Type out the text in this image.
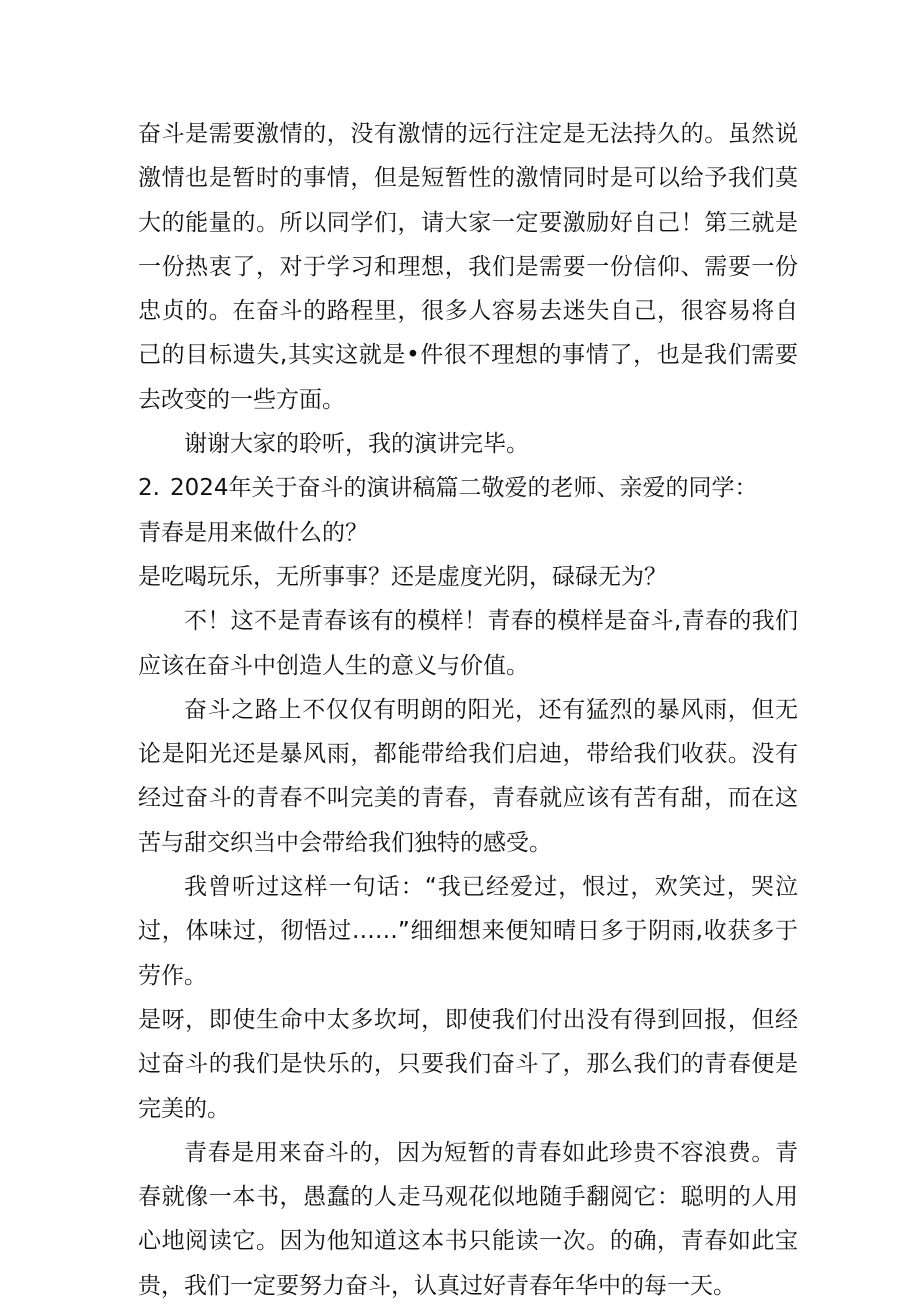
奋斗是需要激情的，没有激情的远行注定是无法持久的。虽然说激情也是暂时的事情，但是短暂性的激情同时是可以给予我们莫大的能量的。所以同学们，请大家一定要激励好自己！第三就是一份热衷了，对于学习和理想，我们是需要一份信仰、需要一份忠贞的。在奋斗的路程里，很多人容易去迷失自己，很容易将自己的目标遗失,其实这就是•件很不理想的事情了，也是我们需要去改变的一些方面。

谢谢大家的聆听，我的演讲完毕。

2. 2024年关于奋斗的演讲稿篇二敬爱的老师、亲爱的同学：

青春是用来做什么的？

是吃喝玩乐，无所事事？还是虚度光阴，碌碌无为？

不！这不是青春该有的模样！青春的模样是奋斗,青春的我们应该在奋斗中创造人生的意义与价值。

奋斗之路上不仅仅有明朗的阳光，还有猛烈的暴风雨，但无论是阳光还是暴风雨，都能带给我们启迪，带给我们收获。没有经过奋斗的青春不叫完美的青春，青春就应该有苦有甜，而在这苦与甜交织当中会带给我们独特的感受。

我曾听过这样一句话：“我已经爱过，恨过，欢笑过，哭泣过，体味过，彻悟过……”细细想来便知晴日多于阴雨,收获多于劳作。

是呀，即使生命中太多坎坷，即使我们付出没有得到回报，但经过奋斗的我们是快乐的，只要我们奋斗了，那么我们的青春便是完美的。

青春是用来奋斗的，因为短暂的青春如此珍贵不容浪费。青春就像一本书，愚蠢的人走马观花似地随手翻阅它：聪明的人用心地阅读它。因为他知道这本书只能读一次。的确，青春如此宝贵，我们一定要努力奋斗，认真过好青春年华中的每一天。
